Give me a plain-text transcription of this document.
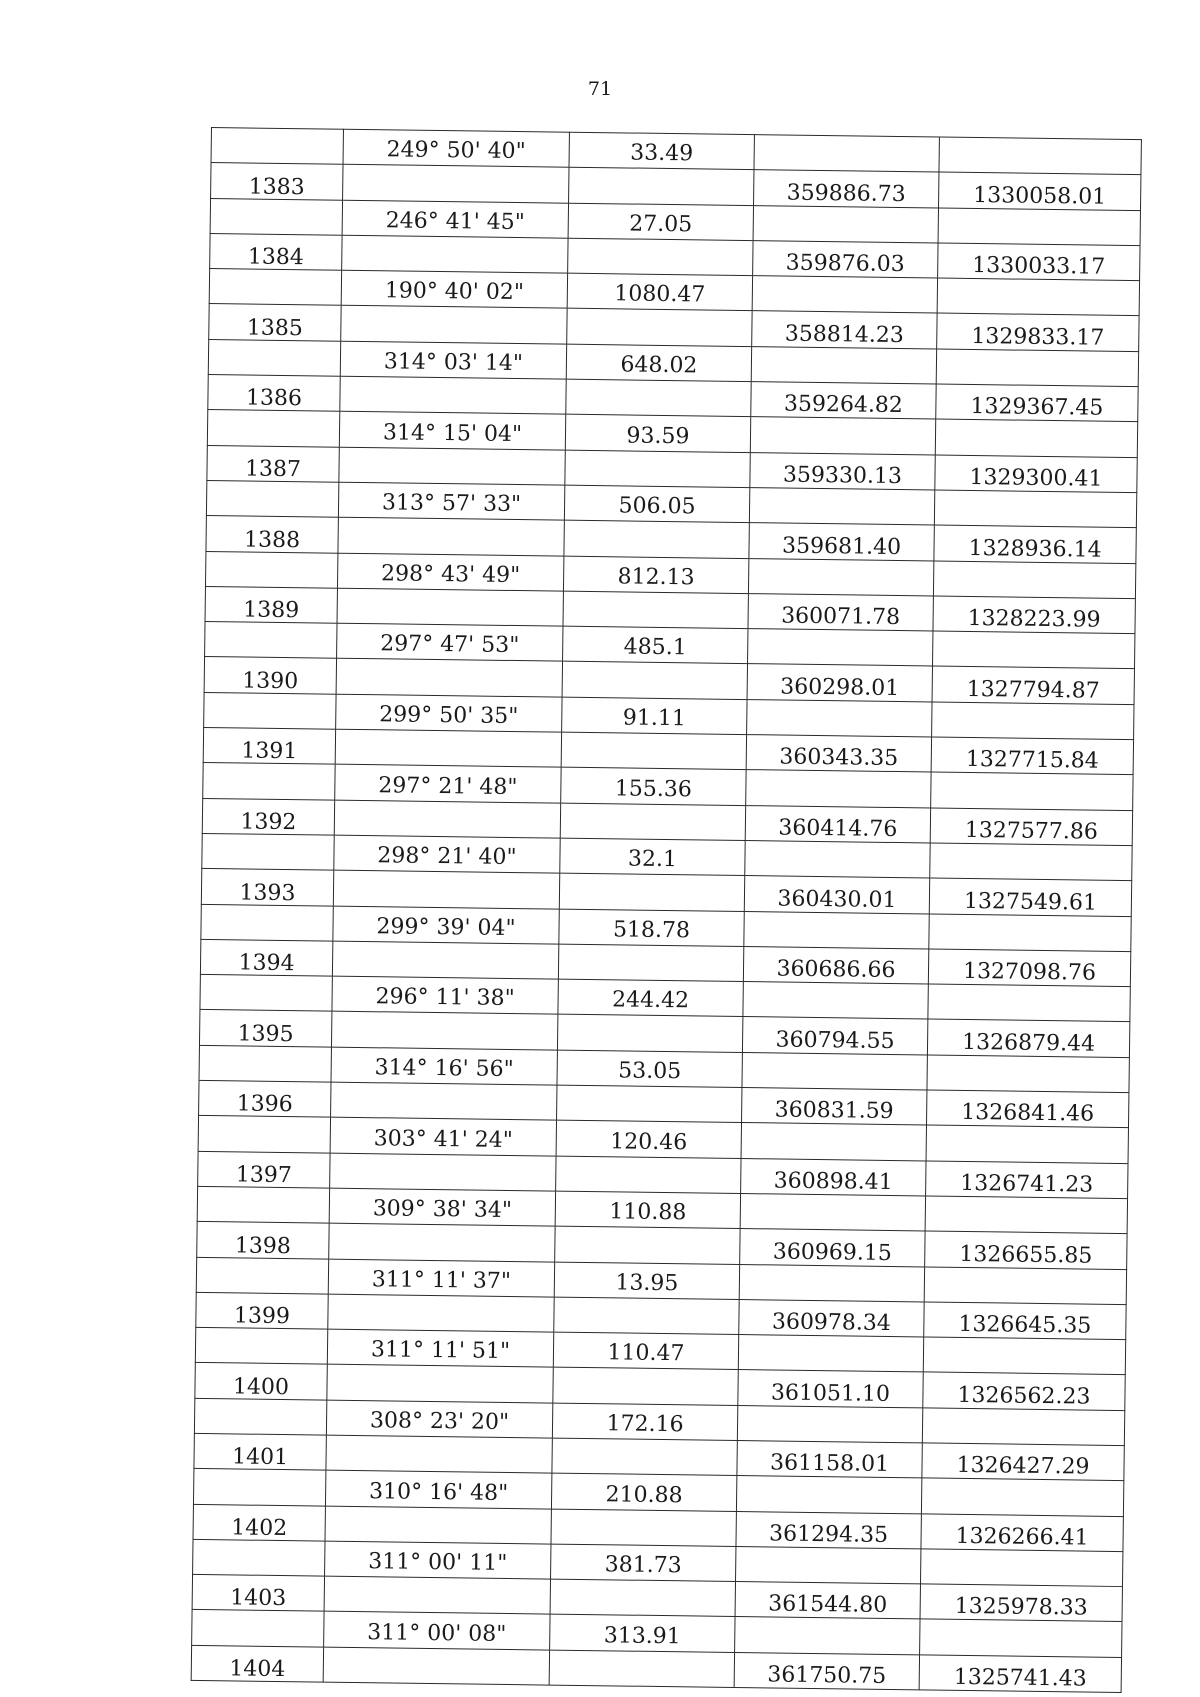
71
	249° 50' 40"	33.49		
1383			359886.73	1330058.01
	246° 41' 45"	27.05		
1384			359876.03	1330033.17
	190° 40' 02"	1080.47		
1385			358814.23	1329833.17
	314° 03' 14"	648.02		
1386			359264.82	1329367.45
	314° 15' 04"	93.59		
1387			359330.13	1329300.41
	313° 57' 33"	506.05		
1388			359681.40	1328936.14
	298° 43' 49"	812.13		
1389			360071.78	1328223.99
	297° 47' 53"	485.1		
1390			360298.01	1327794.87
	299° 50' 35"	91.11		
1391			360343.35	1327715.84
	297° 21' 48"	155.36		
1392			360414.76	1327577.86
	298° 21' 40"	32.1		
1393			360430.01	1327549.61
	299° 39' 04"	518.78		
1394			360686.66	1327098.76
	296° 11' 38"	244.42		
1395			360794.55	1326879.44
	314° 16' 56"	53.05		
1396			360831.59	1326841.46
	303° 41' 24"	120.46		
1397			360898.41	1326741.23
	309° 38' 34"	110.88		
1398			360969.15	1326655.85
	311° 11' 37"	13.95		
1399			360978.34	1326645.35
	311° 11' 51"	110.47		
1400			361051.10	1326562.23
	308° 23' 20"	172.16		
1401			361158.01	1326427.29
	310° 16' 48"	210.88		
1402			361294.35	1326266.41
	311° 00' 11"	381.73		
1403			361544.80	1325978.33
	311° 00' 08"	313.91		
1404			361750.75	1325741.43
